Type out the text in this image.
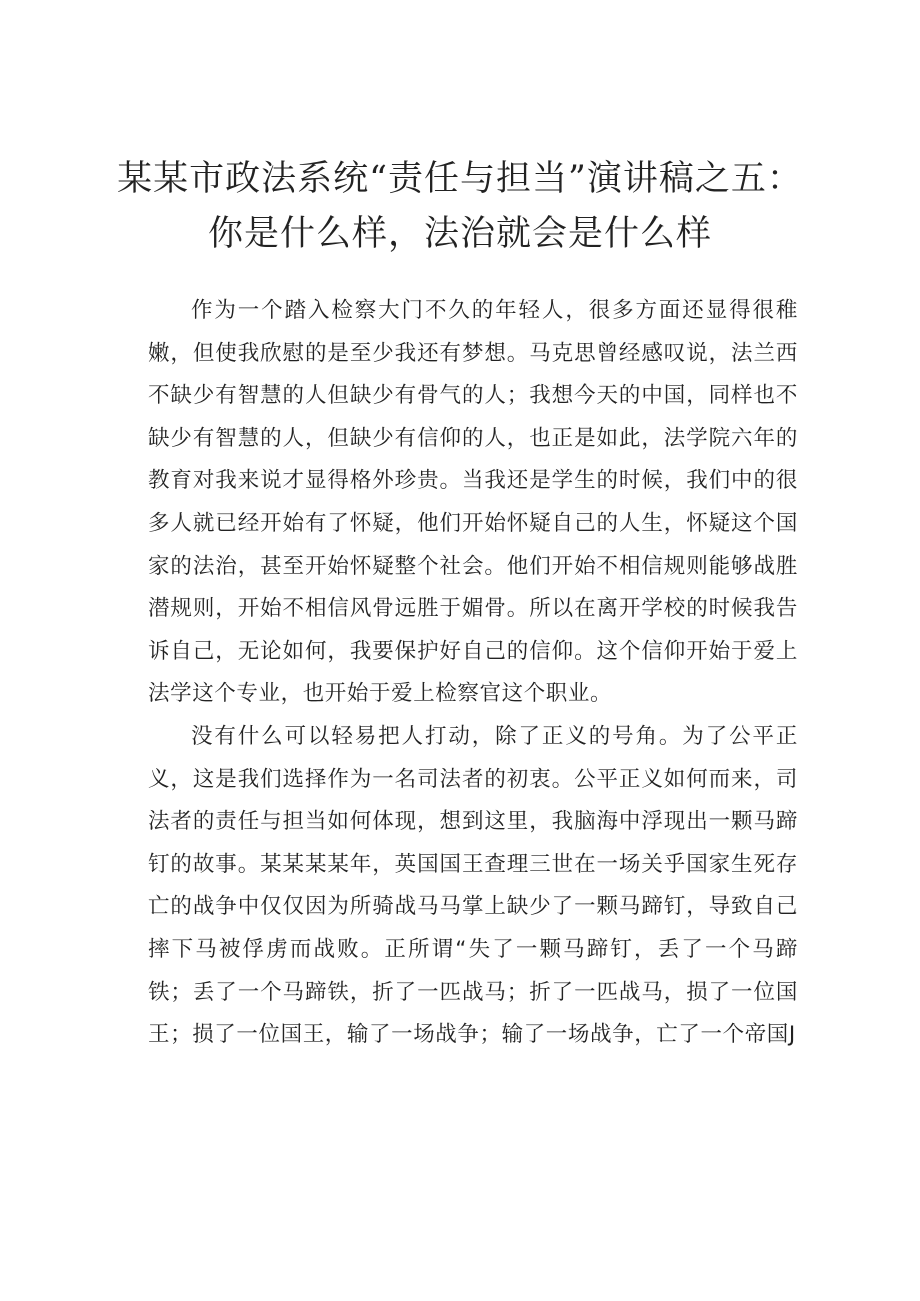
某某市政法系统“责任与担当”演讲稿之五：
你是什么样，法治就会是什么样

作为一个踏入检察大门不久的年轻人，很多方面还显得很稚嫩，但使我欣慰的是至少我还有梦想。马克思曾经感叹说，法兰西不缺少有智慧的人但缺少有骨气的人；我想今天的中国，同样也不缺少有智慧的人，但缺少有信仰的人，也正是如此，法学院六年的教育对我来说才显得格外珍贵。当我还是学生的时候，我们中的很多人就已经开始有了怀疑，他们开始怀疑自己的人生，怀疑这个国家的法治，甚至开始怀疑整个社会。他们开始不相信规则能够战胜潜规则，开始不相信风骨远胜于媚骨。所以在离开学校的时候我告诉自己，无论如何，我要保护好自己的信仰。这个信仰开始于爱上法学这个专业，也开始于爱上检察官这个职业。

没有什么可以轻易把人打动，除了正义的号角。为了公平正义，这是我们选择作为一名司法者的初衷。公平正义如何而来，司法者的责任与担当如何体现，想到这里，我脑海中浮现出一颗马蹄钉的故事。某某某某年，英国国王查理三世在一场关乎国家生死存亡的战争中仅仅因为所骑战马马掌上缺少了一颗马蹄钉，导致自己摔下马被俘虏而战败。正所谓“失了一颗马蹄钉，丢了一个马蹄铁；丢了一个马蹄铁，折了一匹战马；折了一匹战马，损了一位国王；损了一位国王，输了一场战争；输了一场战争，亡了一个帝国J
